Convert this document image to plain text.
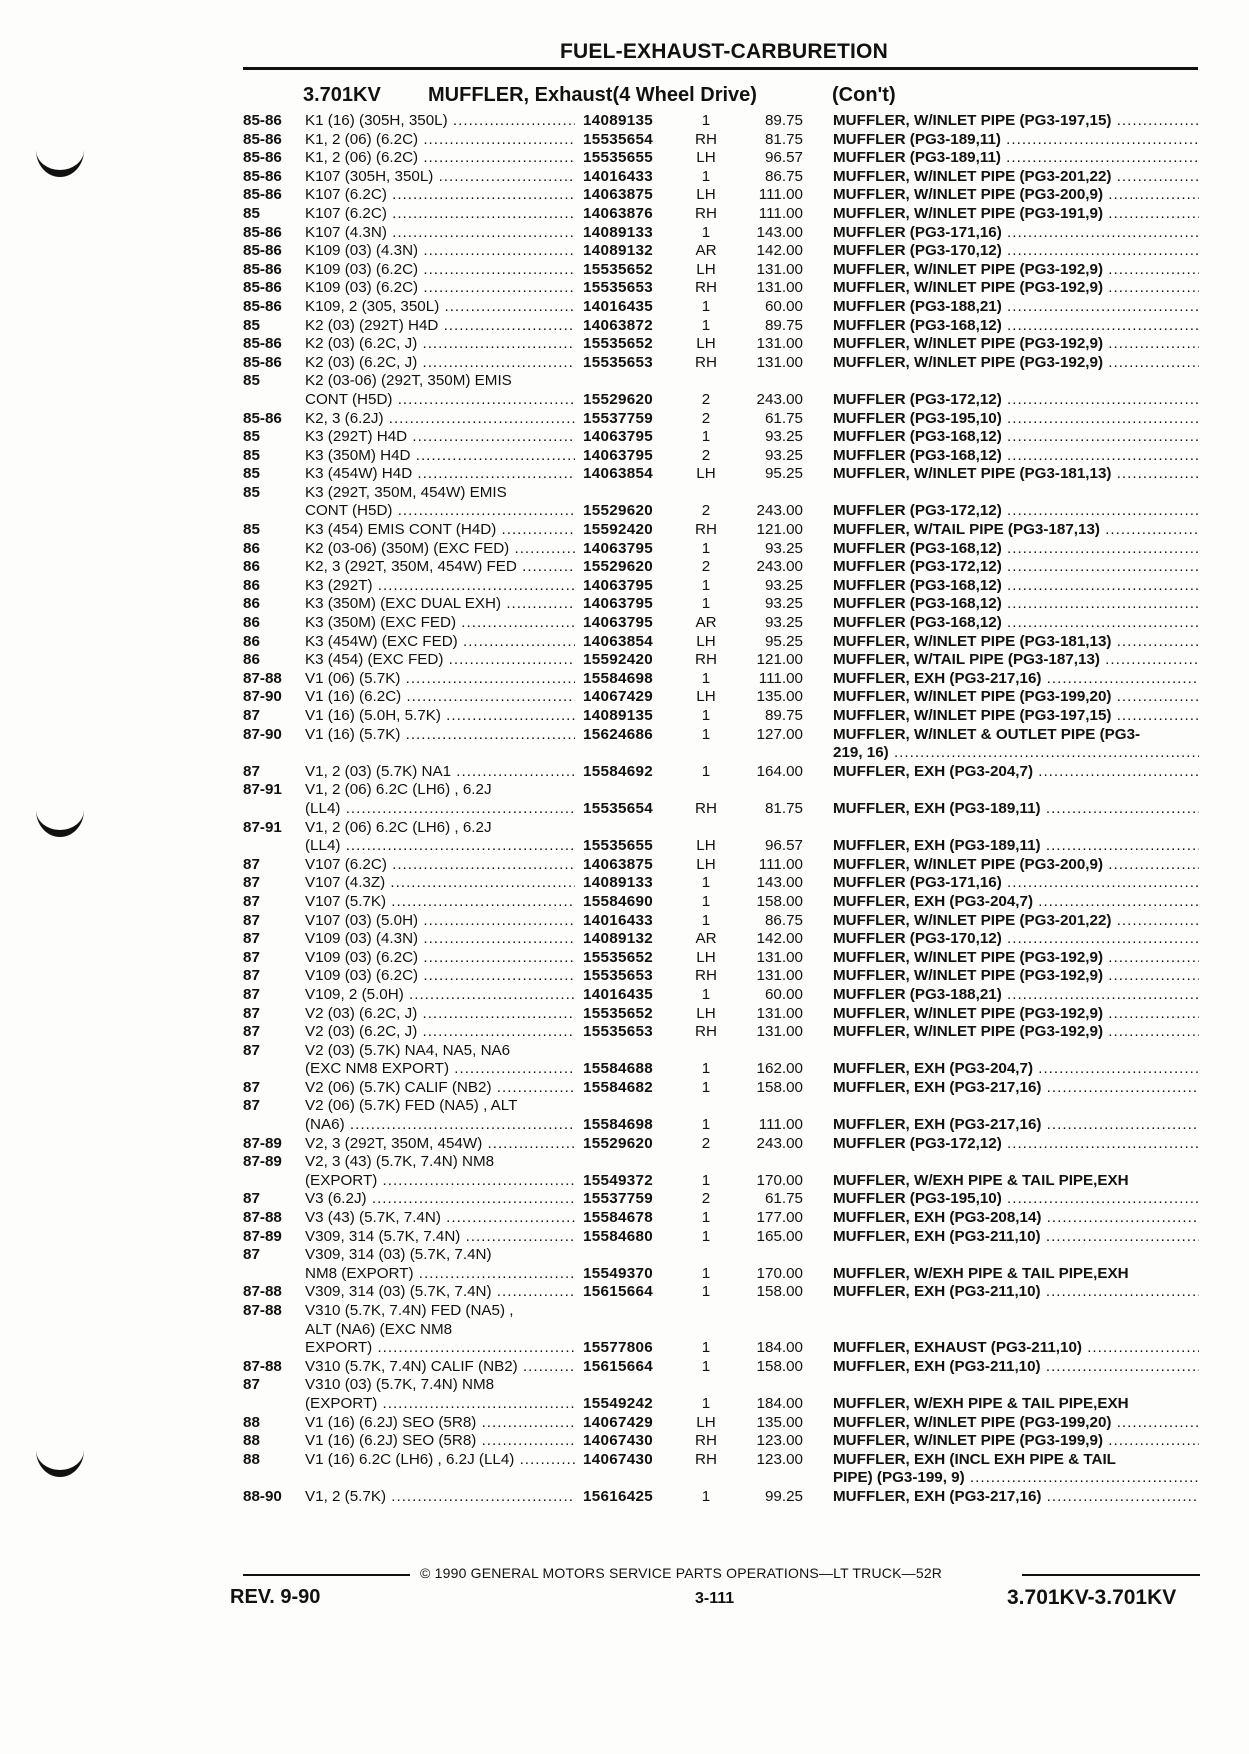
FUEL-EXHAUST-CARBURETION
3.701KV MUFFLER, Exhaust(4 Wheel Drive)	(Con't)
85-86 K1 (16) (305H, 350L) .....	14089135	1	89.75 MUFFLER, W/INLET PIPE (PG3-197,15) .....
85-86 K1, 2 (06) (6.2C) .....	15535654	RH	81.75 MUFFLER (PG3-189,11) .....
85-86 K1, 2 (06) (6.2C) .....	15535655	LH	96.57 MUFFLER (PG3-189,11) .....
85-86 K107 (305H, 350L) .....	14016433	1	86.75 MUFFLER, W/INLET PIPE (PG3-201,22) .....
85-86 K107 (6.2C) .....	14063875	LH	111.00 MUFFLER, W/INLET PIPE (PG3-200,9) .....
85	K107 (6.2C) .....	14063876	RH	111.00 MUFFLER, W/INLET PIPE (PG3-191,9) .....
85-86 K107 (4.3N) .....	14089133	1	143.00 MUFFLER (PG3-171,16) .....
85-86 K109 (03) (4.3N) .....	14089132	AR	142.00 MUFFLER (PG3-170,12) .....
85-86 K109 (03) (6.2C) .....	15535652	LH	131.00 MUFFLER, W/INLET PIPE (PG3-192,9) .....
85-86 K109 (03) (6.2C) .....	15535653	RH	131.00 MUFFLER, W/INLET PIPE (PG3-192,9) .....
85-86 K109, 2 (305, 350L) .....	14016435	1	60.00 MUFFLER (PG3-188,21) .....
85	K2 (03) (292T) H4D .....	14063872	1	89.75 MUFFLER (PG3-168,12) .....
85-86 K2 (03) (6.2C, J) .....	15535652	LH	131.00 MUFFLER, W/INLET PIPE (PG3-192,9) .....
85-86 K2 (03) (6.2C, J) .....	15535653	RH	131.00 MUFFLER, W/INLET PIPE (PG3-192,9) .....
85	K2 (03-06) (292T, 350M) EMIS
CONT (H5D) .....	15529620	2	243.00 MUFFLER (PG3-172,12) .....
85-86 K2, 3 (6.2J) .....	15537759	2	61.75 MUFFLER (PG3-195,10) .....
85	K3 (292T) H4D .....	14063795	1	93.25 MUFFLER (PG3-168,12) .....
85	K3 (350M) H4D .....	14063795	2	93.25 MUFFLER (PG3-168,12) .....
85	K3 (454W) H4D .....	14063854	LH	95.25 MUFFLER, W/INLET PIPE (PG3-181,13) .....
85	K3 (292T, 350M, 454W) EMIS
CONT (H5D) .....	15529620	2	243.00 MUFFLER (PG3-172,12) .....
85	K3 (454) EMIS CONT (H4D) .....	15592420	RH	121.00 MUFFLER, W/TAIL PIPE (PG3-187,13) .....
86	K2 (03-06) (350M) (EXC FED) .....	14063795	1	93.25 MUFFLER (PG3-168,12) .....
86	K2, 3 (292T, 350M, 454W) FED .....	15529620	2	243.00 MUFFLER (PG3-172,12) .....
86	K3 (292T) .....	14063795	1	93.25 MUFFLER (PG3-168,12) .....
86	K3 (350M) (EXC DUAL EXH) .....	14063795	1	93.25 MUFFLER (PG3-168,12) .....
86	K3 (350M) (EXC FED) .....	14063795	AR	93.25 MUFFLER (PG3-168,12) .....
86	K3 (454W) (EXC FED) .....	14063854	LH	95.25 MUFFLER, W/INLET PIPE (PG3-181,13) .....
86	K3 (454) (EXC FED) .....	15592420	RH	121.00 MUFFLER, W/TAIL PIPE (PG3-187,13) .....
87-88 V1 (06) (5.7K) .....	15584698	1	111.00 MUFFLER, EXH (PG3-217,16) .....
87-90 V1 (16) (6.2C) .....	14067429	LH	135.00 MUFFLER, W/INLET PIPE (PG3-199,20) .....
87	V1 (16) (5.0H, 5.7K) .....	14089135	1	89.75 MUFFLER, W/INLET PIPE (PG3-197,15) .....
87-90 V1 (16) (5.7K) .....	15624686	1	127.00 MUFFLER, W/INLET & OUTLET PIPE (PG3-
219, 16) .....
87	V1, 2 (03) (5.7K) NA1 .....	15584692	1	164.00 MUFFLER, EXH (PG3-204,7) .....
87-91 V1, 2 (06) 6.2C (LH6) , 6.2J
(LL4) .....	15535654	RH	81.75 MUFFLER, EXH (PG3-189,11) .....
87-91 V1, 2 (06) 6.2C (LH6) , 6.2J
(LL4) .....	15535655	LH	96.57 MUFFLER, EXH (PG3-189,11) .....
87	V107 (6.2C) .....	14063875	LH	111.00 MUFFLER, W/INLET PIPE (PG3-200,9) .....
87	V107 (4.3Z) .....	14089133	1	143.00 MUFFLER (PG3-171,16) .....
87	V107 (5.7K) .....	15584690	1	158.00 MUFFLER, EXH (PG3-204,7) .....
87	V107 (03) (5.0H) .....	14016433	1	86.75 MUFFLER, W/INLET PIPE (PG3-201,22) .....
87	V109 (03) (4.3N) .....	14089132	AR	142.00 MUFFLER (PG3-170,12) .....
87	V109 (03) (6.2C) .....	15535652	LH	131.00 MUFFLER, W/INLET PIPE (PG3-192,9) .....
87	V109 (03) (6.2C) .....	15535653	RH	131.00 MUFFLER, W/INLET PIPE (PG3-192,9) .....
87	V109, 2 (5.0H) .....	14016435	1	60.00 MUFFLER (PG3-188,21) .....
87	V2 (03) (6.2C, J) .....	15535652	LH	131.00 MUFFLER, W/INLET PIPE (PG3-192,9) .....
87	V2 (03) (6.2C, J) .....	15535653	RH	131.00 MUFFLER, W/INLET PIPE (PG3-192,9) .....
87	V2 (03) (5.7K) NA4, NA5, NA6
(EXC NM8 EXPORT) .....	15584688	1	162.00 MUFFLER, EXH (PG3-204,7) .....
87	V2 (06) (5.7K) CALIF (NB2) .....	15584682	1	158.00 MUFFLER, EXH (PG3-217,16) .....
87	V2 (06) (5.7K) FED (NA5) , ALT
(NA6) .....	15584698	1	111.00 MUFFLER, EXH (PG3-217,16) .....
87-89 V2, 3 (292T, 350M, 454W) .....	15529620	2	243.00 MUFFLER (PG3-172,12) .....
87-89 V2, 3 (43) (5.7K, 7.4N) NM8
(EXPORT) .....	15549372	1	170.00 MUFFLER, W/EXH PIPE & TAIL PIPE,EXH
87	V3 (6.2J) .....	15537759	2	61.75 MUFFLER (PG3-195,10) .....
87-88 V3 (43) (5.7K, 7.4N) .....	15584678	1	177.00 MUFFLER, EXH (PG3-208,14) .....
87-89 V309, 314 (5.7K, 7.4N) .....	15584680	1	165.00 MUFFLER, EXH (PG3-211,10) .....
87	V309, 314 (03) (5.7K, 7.4N)
NM8 (EXPORT) .....	15549370	1	170.00 MUFFLER, W/EXH PIPE & TAIL PIPE,EXH
87-88 V309, 314 (03) (5.7K, 7.4N) .....	15615664	1	158.00 MUFFLER, EXH (PG3-211,10) .....
87-88 V310 (5.7K, 7.4N) FED (NA5) ,
ALT (NA6) (EXC NM8
EXPORT) .....	15577806	1	184.00 MUFFLER, EXHAUST (PG3-211,10) .....
87-88 V310 (5.7K, 7.4N) CALIF (NB2) .....	15615664	1	158.00 MUFFLER, EXH (PG3-211,10) .....
87	V310 (03) (5.7K, 7.4N) NM8
(EXPORT) .....	15549242	1	184.00 MUFFLER, W/EXH PIPE & TAIL PIPE,EXH
88	V1 (16) (6.2J) SEO (5R8) .....	14067429	LH	135.00 MUFFLER, W/INLET PIPE (PG3-199,20) .....
88	V1 (16) (6.2J) SEO (5R8) .....	14067430	RH	123.00 MUFFLER, W/INLET PIPE (PG3-199,9) .....
88	V1 (16) 6.2C (LH6) , 6.2J (LL4) .....	14067430	RH	123.00 MUFFLER, EXH (INCL EXH PIPE & TAIL
PIPE) (PG3-199, 9) .....
88-90 V1, 2 (5.7K) .....	15616425	1	99.25 MUFFLER, EXH (PG3-217,16) .....
© 1990 GENERAL MOTORS SERVICE PARTS OPERATIONS—LT TRUCK—52R
REV. 9-90	3-111	3.701KV-3.701KV
